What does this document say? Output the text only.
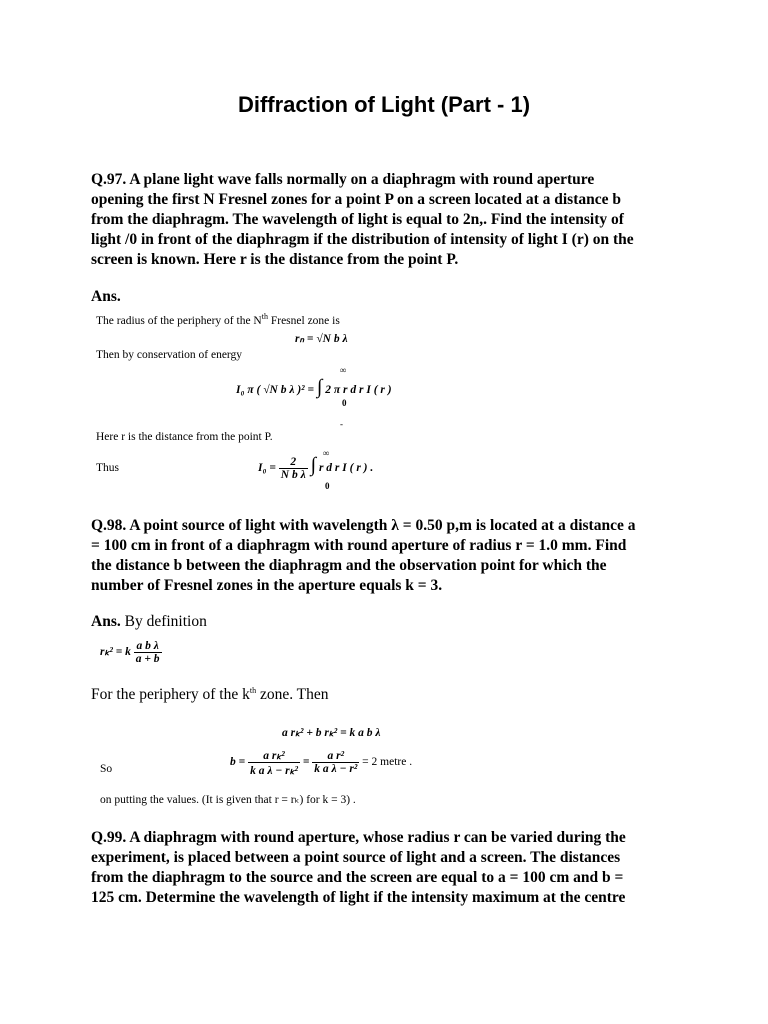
Diffraction of Light (Part - 1)
Q.97. A plane light wave falls normally on a diaphragm with round aperture
opening the first N Fresnel zones for a point P on a screen located at a distance b
from the diaphragm. The wavelength of light is equal to 2n,. Find the intensity of
light /0 in front of the diaphragm if the distribution of intensity of light I (r) on the
screen is known. Here r is the distance from the point P.
Ans.
The radius of the periphery of the $N^{th}$ Fresnel zone is
rₙ = √N b λ
Then by conservation of energy
∞
I₀ π ( √N b λ )² = ∫ 2 π r d r I ( r )
0
-
Here r is the distance from the point P.
Thus
∞
$I_0 = \frac{2}{\text{N b λ}}$ ∫ r d r I ( r ) .
0
Q.98. A point source of light with wavelength λ = 0.50 p,m is located at a distance a
= 100 cm in front of a diaphragm with round aperture of radius r = 1.0 mm. Find
the distance b between the diaphragm and the observation point for which the
number of Fresnel zones in the aperture equals k = 3.
Ans. By definition
rₖ² = k $\frac{\text{a b λ}}{a + b}$
For the periphery of the $k^{th}$ zone. Then
a rₖ² + b rₖ² = k a b λ
So
$b = \frac{\text{a rₖ²}}{\text{k a λ − rₖ²}} = \frac{\text{a r²}}{\text{k a λ − r²}} = 2$ metre .
on putting the values. (It is given that r = rₖ) for k = 3) .
Q.99. A diaphragm with round aperture, whose radius r can be varied during the
experiment, is placed between a point source of light and a screen. The distances
from the diaphragm to the source and the screen are equal to a = 100 cm and b =
125 cm. Determine the wavelength of light if the intensity maximum at the centre
